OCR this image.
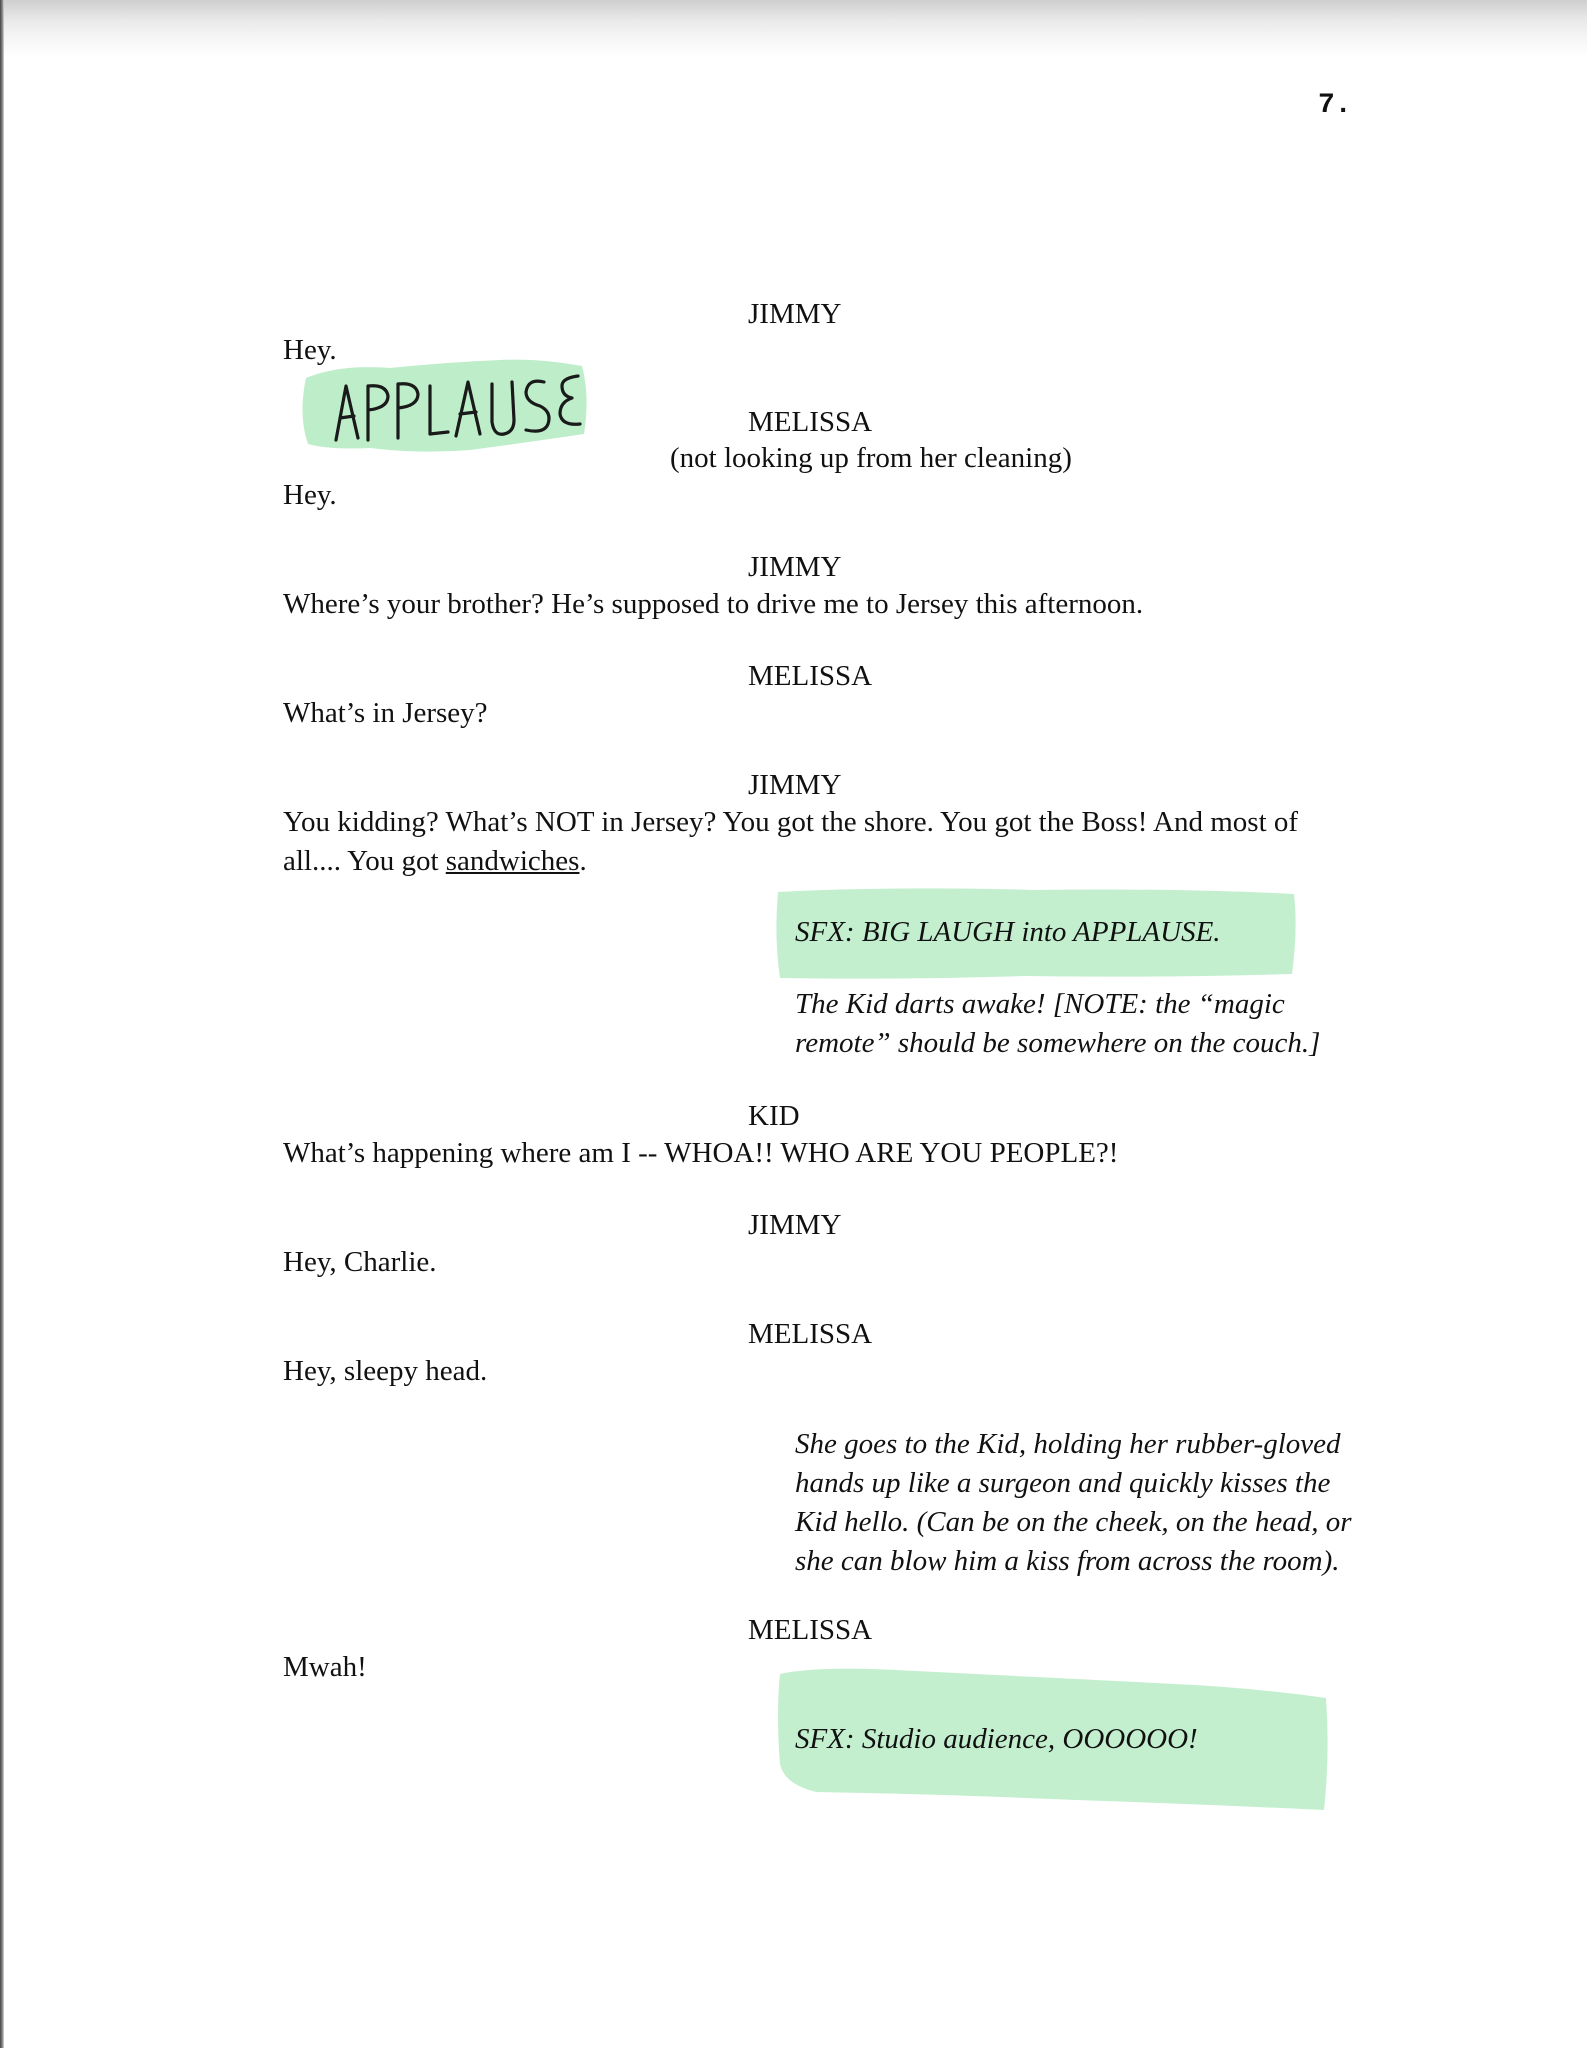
7.
JIMMY
Hey.
APPLAUSE
MELISSA
(not looking up from her cleaning)
Hey.
JIMMY
Where’s your brother? He’s supposed to drive me to Jersey this afternoon.
MELISSA
What’s in Jersey?
JIMMY
You kidding? What’s NOT in Jersey? You got the shore. You got the Boss! And most of
all.... You got sandwiches.
SFX: BIG LAUGH into APPLAUSE.
The Kid darts awake! [NOTE: the “magic
remote” should be somewhere on the couch.]
KID
What’s happening where am I -- WHOA!! WHO ARE YOU PEOPLE?!
JIMMY
Hey, Charlie.
MELISSA
Hey, sleepy head.
She goes to the Kid, holding her rubber-gloved
hands up like a surgeon and quickly kisses the
Kid hello. (Can be on the cheek, on the head, or
she can blow him a kiss from across the room).
MELISSA
Mwah!
SFX: Studio audience, OOOOOO!
